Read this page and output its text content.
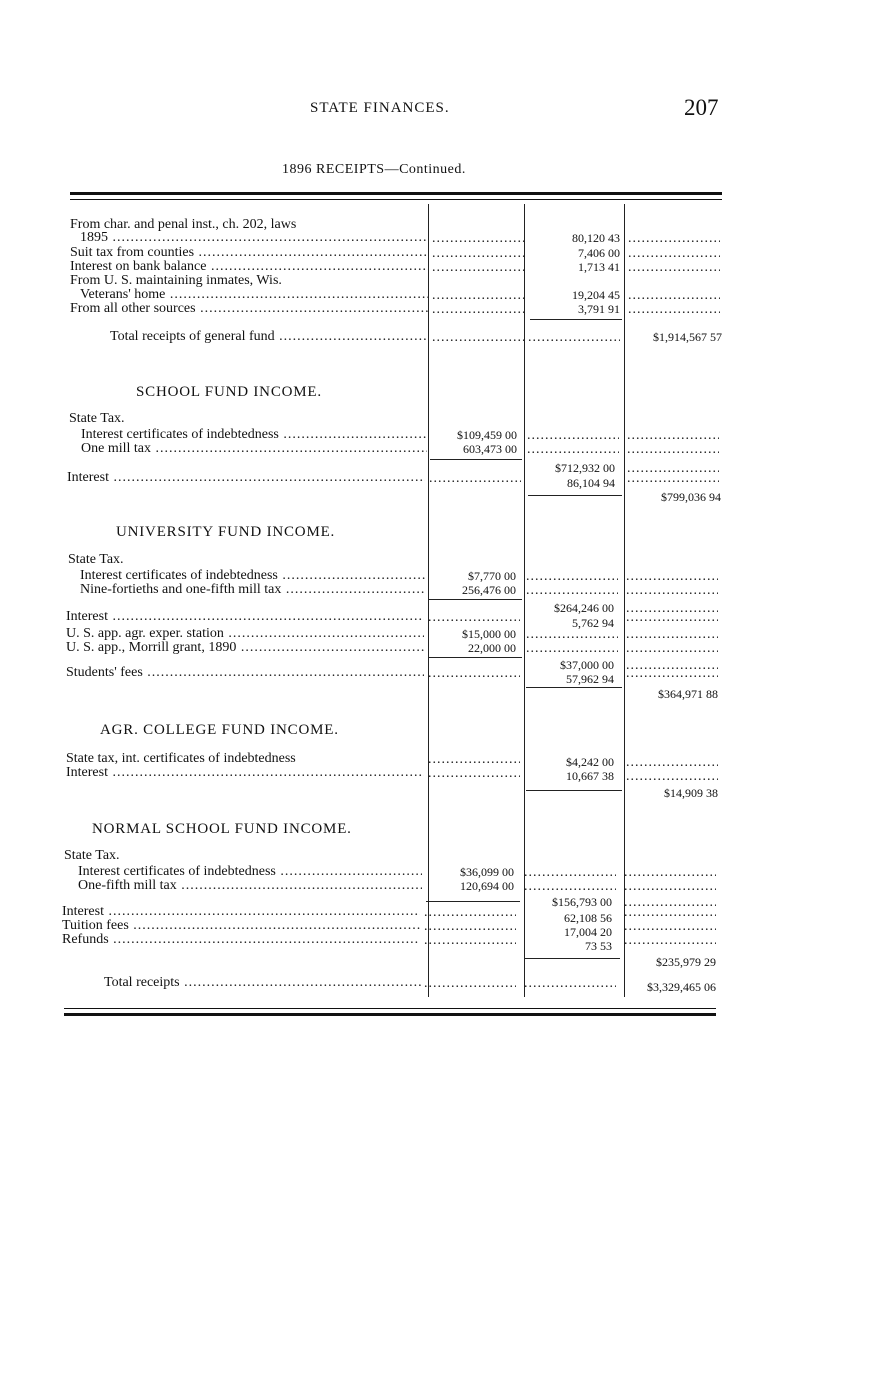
STATE FINANCES.	207
1896 RECEIPTS—Continued.
From char. and penal inst., ch. 202, laws
1895 ..... .....	80,120 43
.....
Suit tax from counties ..... .....	7,406 00
.....
Interest on bank balance ..... .....	1,713 41
.....
From U. S. maintaining inmates, Wis.
Veterans' home ..... .....	19,204 45
.....
From all other sources ..... .....	3,791 91
.....
Total receipts of general fund ..... ..... .....	$1,914,567 57
SCHOOL FUND INCOME.
State Tax.
Interest certificates of indebtedness .....	$109,459 00
.....
.....
One mill tax .....	603,473 00
.....
.....
$712,932 00
.....
Interest ..... .....	86,104 94
.....
$799,036 94
UNIVERSITY FUND INCOME.
State Tax.
Interest certificates of indebtedness .....	$7,770 00
.....
.....
Nine-fortieths and one-fifth mill tax .....	256,476 00
.....
.....
$264,246 00
.....
Interest ..... .....	5,762 94
.....
U. S. app. agr. exper. station .....	$15,000 00
.....
.....
U. S. app., Morrill grant, 1890 .....	22,000 00
.....
.....
$37,000 00
.....
Students' fees ..... .....	57,962 94
.....
$364,971 88
AGR. COLLEGE FUND INCOME.
State tax, int. certificates of indebtedness .....	$4,242 00
.....
Interest ..... .....	10,667 38
.....
$14,909 38
NORMAL SCHOOL FUND INCOME.
State Tax.
Interest certificates of indebtedness .....	$36,099 00
.....
.....
One-fifth mill tax .....	120,694 00
.....
.....
$156,793 00
.....
Interest ..... .....	62,108 56
.....
Tuition fees ..... .....	17,004 20
.....
Refunds ..... .....	73 53
.....
$235,979 29
Total receipts ..... ..... .....	$3,329,465 06
